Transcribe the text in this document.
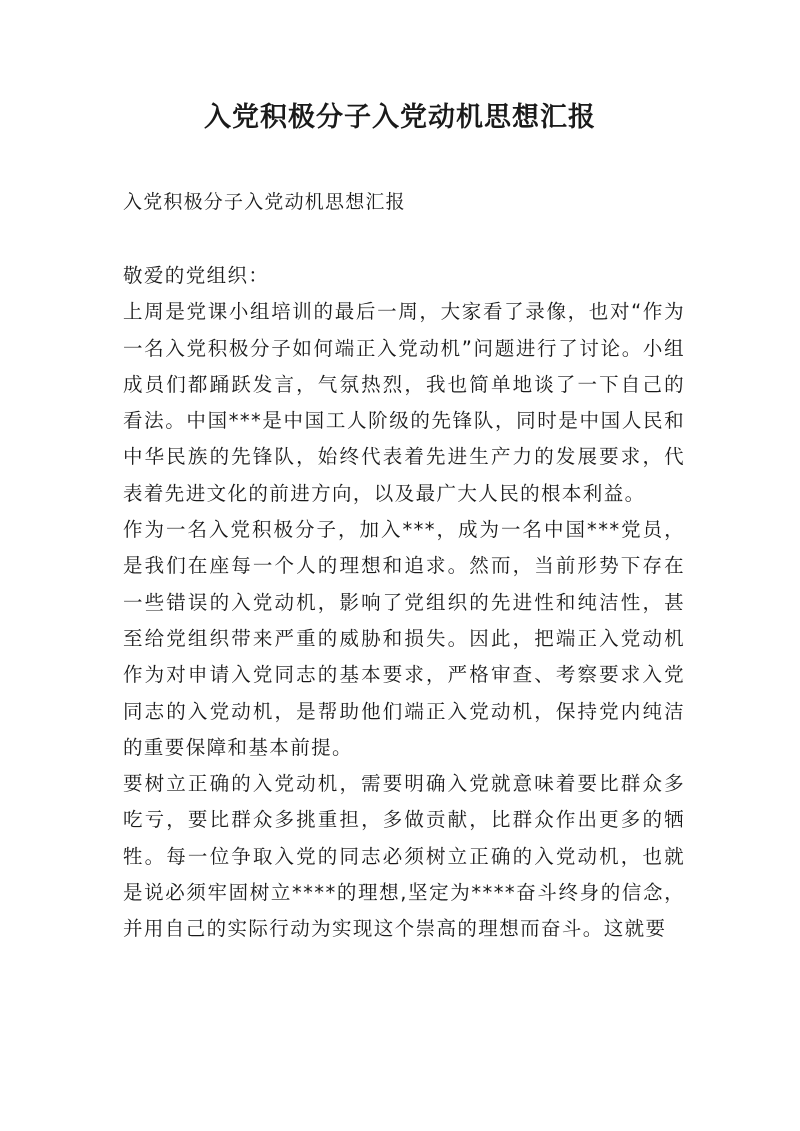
入党积极分子入党动机思想汇报

入党积极分子入党动机思想汇报

敬爱的党组织：

上周是党课小组培训的最后一周，大家看了录像，也对“作为一名入党积极分子如何端正入党动机”问题进行了讨论。小组成员们都踊跃发言，气氛热烈，我也简单地谈了一下自己的看法。中国***是中国工人阶级的先锋队，同时是中国人民和中华民族的先锋队，始终代表着先进生产力的发展要求，代表着先进文化的前进方向，以及最广大人民的根本利益。

作为一名入党积极分子，加入***，成为一名中国***党员，是我们在座每一个人的理想和追求。然而，当前形势下存在一些错误的入党动机，影响了党组织的先进性和纯洁性，甚至给党组织带来严重的威胁和损失。因此，把端正入党动机作为对申请入党同志的基本要求，严格审查、考察要求入党同志的入党动机，是帮助他们端正入党动机，保持党内纯洁的重要保障和基本前提。

要树立正确的入党动机，需要明确入党就意味着要比群众多吃亏，要比群众多挑重担，多做贡献，比群众作出更多的牺牲。每一位争取入党的同志必须树立正确的入党动机，也就是说必须牢固树立****的理想,坚定为****奋斗终身的信念，并用自己的实际行动为实现这个崇高的理想而奋斗。这就要
